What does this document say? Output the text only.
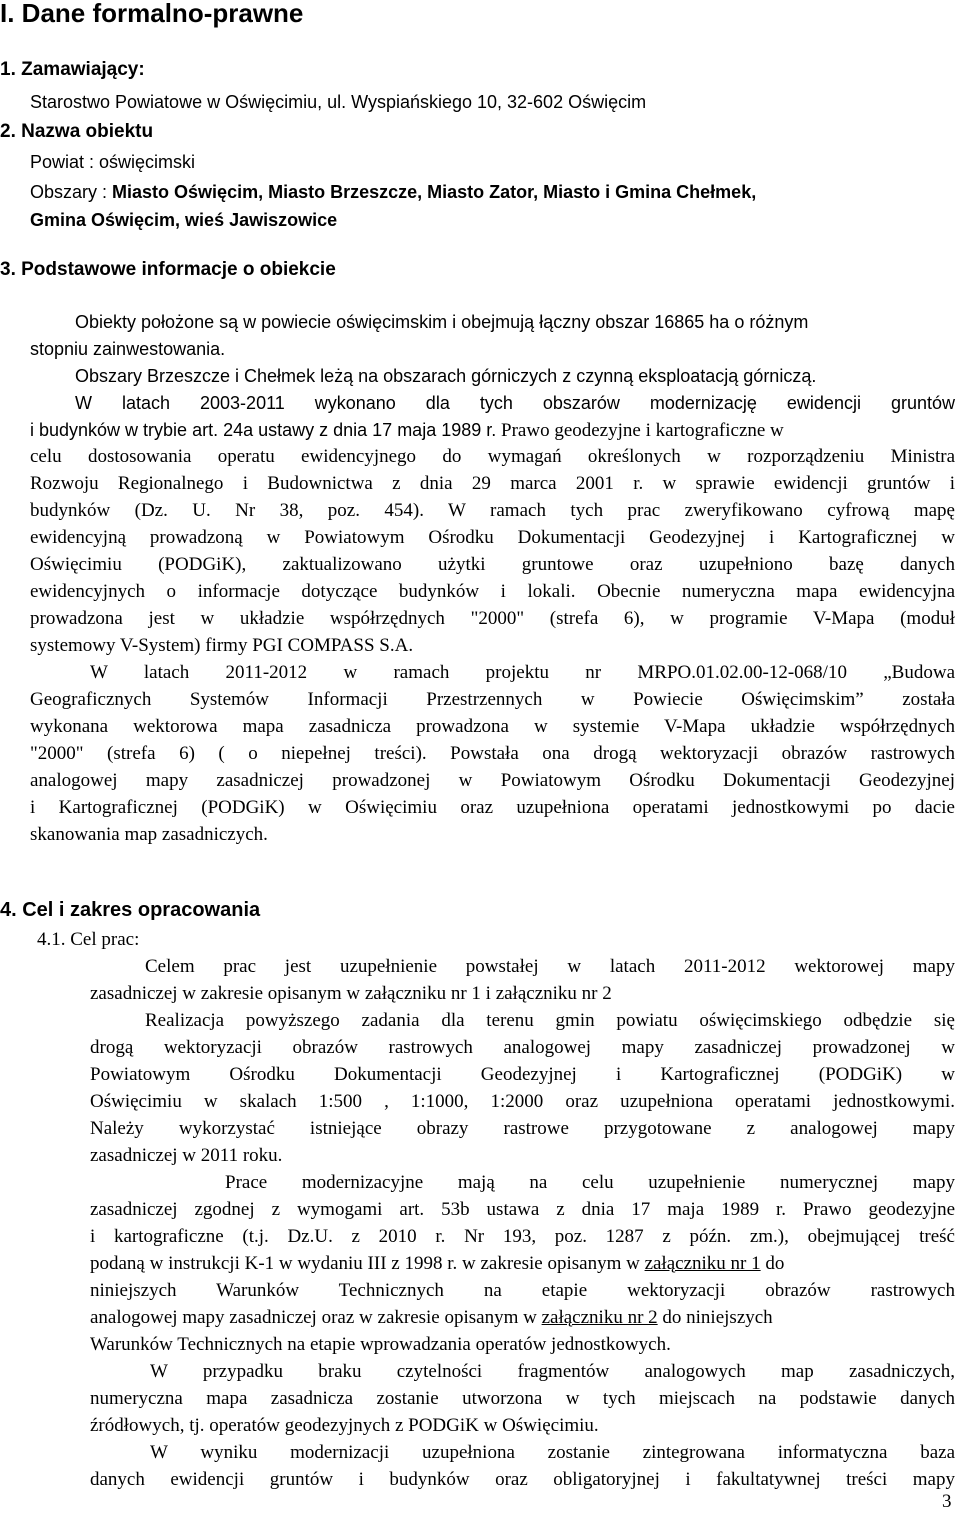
I. Dane formalno-prawne
1. Zamawiający:
Starostwo Powiatowe w Oświęcimiu, ul. Wyspiańskiego 10, 32-602 Oświęcim
2. Nazwa obiektu
Powiat : oświęcimski
Obszary : Miasto Oświęcim, Miasto Brzeszcze, Miasto Zator, Miasto i Gmina Chełmek,
Gmina Oświęcim, wieś Jawiszowice
3. Podstawowe informacje o obiekcie
Obiekty położone są w powiecie oświęcimskim i obejmują łączny obszar 16865 ha o różnym
stopniu zainwestowania.
Obszary Brzeszcze i Chełmek leżą na obszarach górniczych z czynną eksploatacją górniczą.
W latach 2003-2011 wykonano dla tych obszarów modernizację ewidencji gruntów
i budynków w trybie art. 24a ustawy z dnia 17 maja 1989 r. Prawo geodezyjne i kartograficzne w
celu dostosowania operatu ewidencyjnego do wymagań określonych w rozporządzeniu Ministra
Rozwoju Regionalnego i Budownictwa z dnia 29 marca 2001 r. w sprawie ewidencji gruntów i
budynków (Dz. U. Nr 38, poz. 454). W ramach tych prac zweryfikowano cyfrową mapę
ewidencyjną prowadzoną w Powiatowym Ośrodku Dokumentacji Geodezyjnej i Kartograficznej w
Oświęcimiu (PODGiK), zaktualizowano użytki gruntowe oraz uzupełniono bazę danych
ewidencyjnych o informacje dotyczące budynków i lokali. Obecnie numeryczna mapa ewidencyjna
prowadzona jest w układzie współrzędnych "2000" (strefa 6), w programie V-Mapa (moduł
systemowy V-System) firmy PGI COMPASS S.A.
W latach 2011-2012 w ramach projektu nr MRPO.01.02.00-12-068/10 „Budowa
Geograficznych Systemów Informacji Przestrzennych w Powiecie Oświęcimskim” została
wykonana wektorowa mapa zasadnicza prowadzona w systemie V-Mapa układzie współrzędnych
"2000" (strefa 6) ( o niepełnej treści). Powstała ona drogą wektoryzacji obrazów rastrowych
analogowej mapy zasadniczej prowadzonej w Powiatowym Ośrodku Dokumentacji Geodezyjnej
i Kartograficznej (PODGiK) w Oświęcimiu oraz uzupełniona operatami jednostkowymi po dacie
skanowania map zasadniczych.
4. Cel i zakres opracowania
4.1. Cel prac:
Celem prac jest uzupełnienie powstałej w latach 2011-2012 wektorowej mapy
zasadniczej w zakresie opisanym w załączniku nr 1 i załączniku nr 2
Realizacja powyższego zadania dla terenu gmin powiatu oświęcimskiego odbędzie się
drogą wektoryzacji obrazów rastrowych analogowej mapy zasadniczej prowadzonej w
Powiatowym Ośrodku Dokumentacji Geodezyjnej i Kartograficznej (PODGiK) w
Oświęcimiu w skalach 1:500 , 1:1000, 1:2000 oraz uzupełniona operatami jednostkowymi.
Należy wykorzystać istniejące obrazy rastrowe przygotowane z analogowej mapy
zasadniczej w 2011 roku.
Prace modernizacyjne mają na celu uzupełnienie numerycznej mapy
zasadniczej zgodnej z wymogami art. 53b ustawa z dnia 17 maja 1989 r. Prawo geodezyjne
i kartograficzne (t.j. Dz.U. z 2010 r. Nr 193, poz. 1287 z późn. zm.), obejmującej treść
podaną w instrukcji K-1 w wydaniu III z 1998 r. w zakresie opisanym w załączniku nr 1 do
niniejszych Warunków Technicznych na etapie wektoryzacji obrazów rastrowych
analogowej mapy zasadniczej oraz w zakresie opisanym w załączniku nr 2 do niniejszych
Warunków Technicznych na etapie wprowadzania operatów jednostkowych.
W przypadku braku czytelności fragmentów analogowych map zasadniczych,
numeryczna mapa zasadnicza zostanie utworzona w tych miejscach na podstawie danych
źródłowych, tj. operatów geodezyjnych z PODGiK w Oświęcimiu.
W wyniku modernizacji uzupełniona zostanie zintegrowana informatyczna baza
danych ewidencji gruntów i budynków oraz obligatoryjnej i fakultatywnej treści mapy
3
